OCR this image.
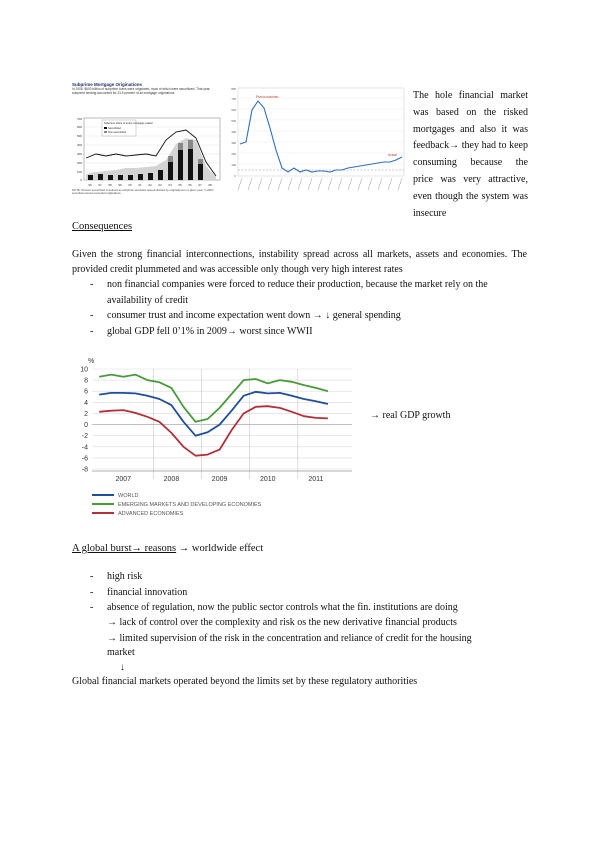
Subprime share of entire mortgage market
Securitized
Non-securitized
700
600
500
400
300
200
100
0
96 97 98 99 00 01 02 03 04 05 06 07 08
NOTE: Percent securitized is defined as subprime securities issued divided by originations in a given year. In 2007, securities issued exceeded originations.
Subprime Mortgage Originations
In 2006, $600 billion of subprime loans were originated, most of which were securitized. That year, subprime lending accounted for 23.5 percent of all mortgage originations.
Precio máximo
Actual
800
700
600
500
400
300
200
100
0
The hole financial market was based on the risked mortgages and also it was feedback→ they had to keep consuming because the price was very attractive, even though the system was insecure
Consequences
Given the strong financial interconnections, instability spread across all markets, assets and economies. The provided credit plummeted and was accessible only though very high interest rates
- non financial companies were forced to reduce their production, because the market rely on the availability of credit
- consumer trust and income expectation went down → ↓ general spending
- global GDP fell 0’1% in 2009→ worst since WWII
%
10
8
6
4
2
0
-2
-4
-6
-8
2007	2008	2009	2010	2011
WORLD
EMERGING MARKETS AND DEVELOPING ECONOMIES
ADVANCED ECONOMIES
→ real GDP growth
A global burst→ reasons → worldwide effect
- high risk
- financial innovation
- absence of regulation, now the public sector controls what the fin. institutions are doing
→ lack of control over the complexity and risk os the new derivative financial products
→ limited supervision of the risk in the concentration and reliance of credit for the housing
market
↓
Global financial markets operated beyond the limits set by these regulatory authorities
